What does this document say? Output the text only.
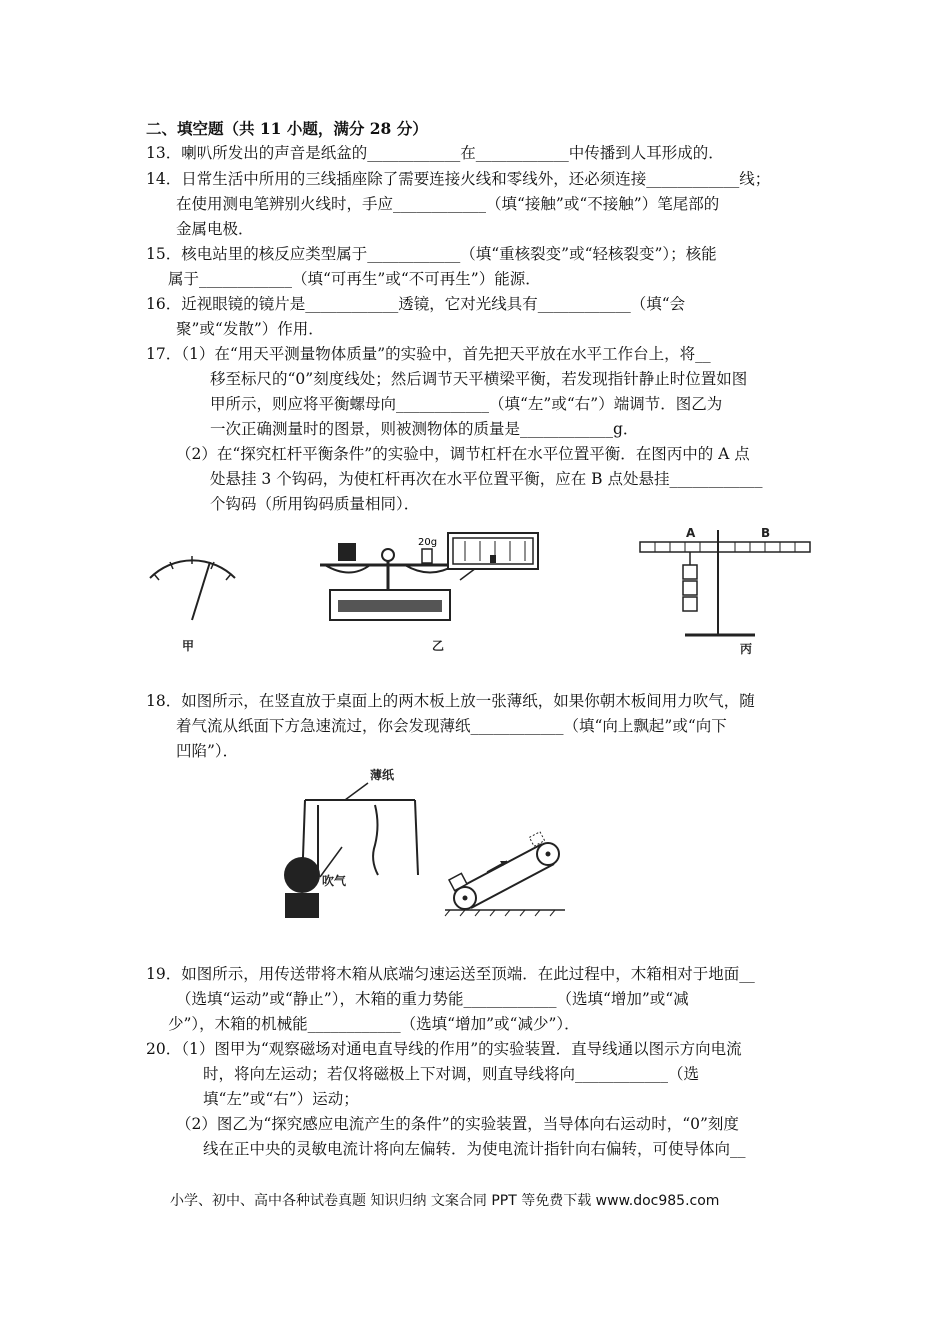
二、填空题（共 11 小题，满分 28 分）
13．喇叭所发出的声音是纸盆的____________在____________中传播到人耳形成的．
14．日常生活中所用的三线插座除了需要连接火线和零线外，还必须连接____________线；
在使用测电笔辨别火线时，手应____________（填“接触”或“不接触”）笔尾部的
金属电极．
15．核电站里的核反应类型属于____________（填“重核裂变”或“轻核裂变”）；核能
属于____________（填“可再生”或“不可再生”）能源．
16．近视眼镜的镜片是____________透镜，它对光线具有____________（填“会
聚”或“发散”）作用．
17．（1）在“用天平测量物体质量”的实验中，首先把天平放在水平工作台上，将__
移至标尺的“0”刻度线处；然后调节天平横梁平衡，若发现指针静止时位置如图
甲所示，则应将平衡螺母向____________（填“左”或“右”）端调节．图乙为
一次正确测量时的图景，则被测物体的质量是____________g．
（2）在“探究杠杆平衡条件”的实验中，调节杠杆在水平位置平衡．在图丙中的 A 点
处悬挂 3 个钩码，为使杠杆再次在水平位置平衡，应在 B 点处悬挂____________
个钩码（所用钩码质量相同）．
甲
20g
乙
A	B
丙
18．如图所示，在竖直放于桌面上的两木板上放一张薄纸，如果你朝木板间用力吹气，随
着气流从纸面下方急速流过，你会发现薄纸____________（填“向上飘起”或“向下
凹陷”）．
薄纸
吹气
19．如图所示，用传送带将木箱从底端匀速运送至顶端．在此过程中，木箱相对于地面__
（选填“运动”或“静止”），木箱的重力势能____________（选填“增加”或“减
少”），木箱的机械能____________（选填“增加”或“减少”）．
20．（1）图甲为“观察磁场对通电直导线的作用”的实验装置．直导线通以图示方向电流
时，将向左运动；若仅将磁极上下对调，则直导线将向____________（选
填“左”或“右”）运动；
（2）图乙为“探究感应电流产生的条件”的实验装置，当导体向右运动时，“0”刻度
线在正中央的灵敏电流计将向左偏转．为使电流计指针向右偏转，可使导体向__
小学、初中、高中各种试卷真题 知识归纳 文案合同 PPT 等免费下载 www.doc985.com
